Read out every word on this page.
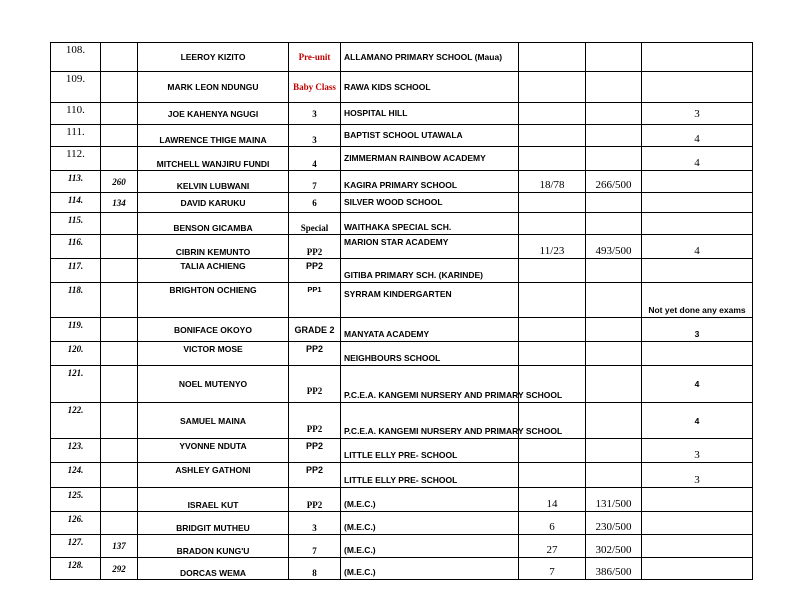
108.		LEEROY KIZITO	Pre-unit	ALLAMANO PRIMARY SCHOOL (Maua)			
109.		MARK LEON NDUNGU	Baby Class	RAWA KIDS SCHOOL			
110.		JOE KAHENYA NGUGI	3	HOSPITAL HILL			3
111.		LAWRENCE THIGE MAINA	3	BAPTIST SCHOOL UTAWALA			4
112.		MITCHELL WANJIRU FUNDI	4	ZIMMERMAN RAINBOW ACADEMY			4
113.	260	KELVIN LUBWANI	7	KAGIRA PRIMARY SCHOOL	18/78	266/500	
114.	134	DAVID KARUKU	6	SILVER WOOD SCHOOL			
115.		BENSON GICAMBA	Special	WAITHAKA SPECIAL SCH.			
116.		CIBRIN KEMUNTO	PP2	MARION STAR ACADEMY	11/23	493/500	4
117.		TALIA ACHIENG	PP2	GITIBA PRIMARY SCH. (KARINDE)			
118.		BRIGHTON OCHIENG	PP1	SYRRAM KINDERGARTEN			Not yet done any exams
119.		BONIFACE OKOYO	GRADE 2	MANYATA ACADEMY			3
120.		VICTOR MOSE	PP2	NEIGHBOURS SCHOOL			
121.		NOEL MUTENYO	PP2	P.C.E.A. KANGEMI NURSERY AND PRIMARY SCHOOL			4
122.		SAMUEL MAINA	PP2	P.C.E.A. KANGEMI NURSERY AND PRIMARY SCHOOL			4
123.		YVONNE NDUTA	PP2	LITTLE ELLY PRE- SCHOOL			3
124.		ASHLEY GATHONI	PP2	LITTLE ELLY PRE- SCHOOL			3
125.		ISRAEL KUT	PP2	(M.E.C.)	14	131/500	
126.		BRIDGIT MUTHEU	3	(M.E.C.)	6	230/500	
127.	137	BRADON KUNG'U	7	(M.E.C.)	27	302/500	
128.	292	DORCAS WEMA	8	(M.E.C.)	7	386/500	
